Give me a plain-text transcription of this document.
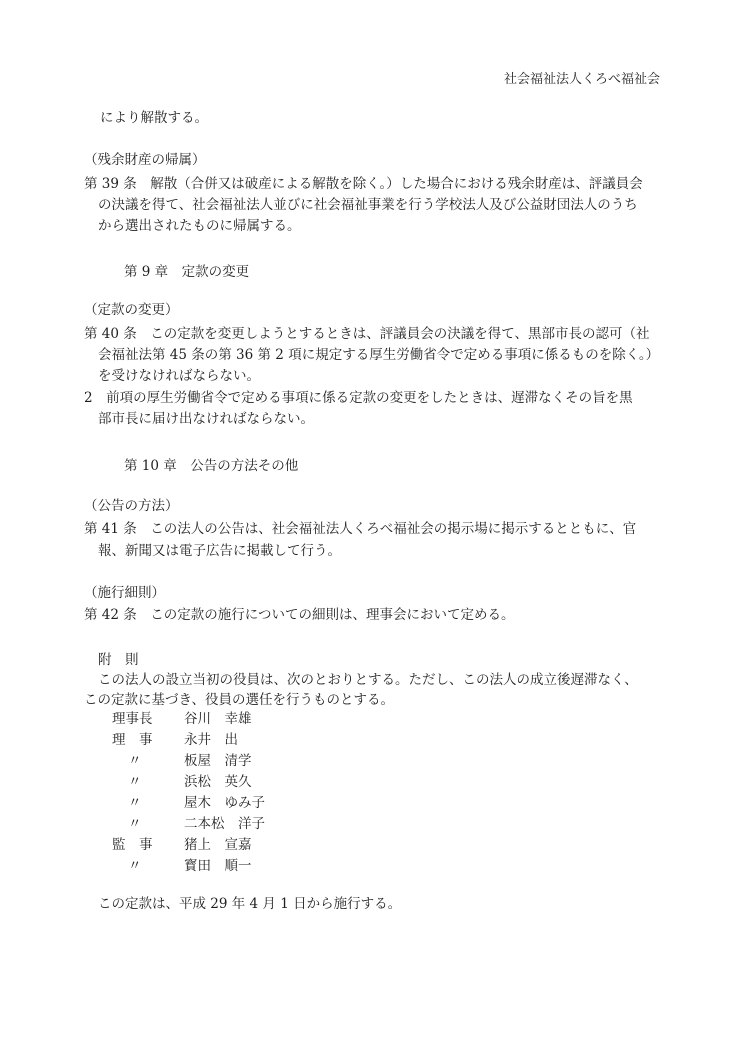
社会福祉法人くろべ福祉会
により解散する。
（残余財産の帰属）
第 39 条　解散（合併又は破産による解散を除く。）した場合における残余財産は、評議員会
の決議を得て、社会福祉法人並びに社会福祉事業を行う学校法人及び公益財団法人のうち
から選出されたものに帰属する。
第 9 章　定款の変更
（定款の変更）
第 40 条　この定款を変更しようとするときは、評議員会の決議を得て、黒部市長の認可（社
会福祉法第 45 条の第 36 第 2 項に規定する厚生労働省令で定める事項に係るものを除く。）
を受けなければならない。
2　前項の厚生労働省令で定める事項に係る定款の変更をしたときは、遅滞なくその旨を黒
部市長に届け出なければならない。
第 10 章　公告の方法その他
（公告の方法）
第 41 条　この法人の公告は、社会福祉法人くろべ福祉会の掲示場に掲示するとともに、官
報、新聞又は電子広告に掲載して行う。
（施行細則）
第 42 条　この定款の施行についての細則は、理事会において定める。
附　則
この法人の設立当初の役員は、次のとおりとする。ただし、この法人の成立後遅滞なく、
この定款に基づき、役員の選任を行うものとする。
理事長	谷川　幸雄
理　事	永井　出
〃	板屋　清学
〃	浜松　英久
〃	屋木　ゆみ子
〃	二本松　洋子
監　事	猪上　宣嘉
〃	寳田　順一
この定款は、平成 29 年 4 月 1 日から施行する。
